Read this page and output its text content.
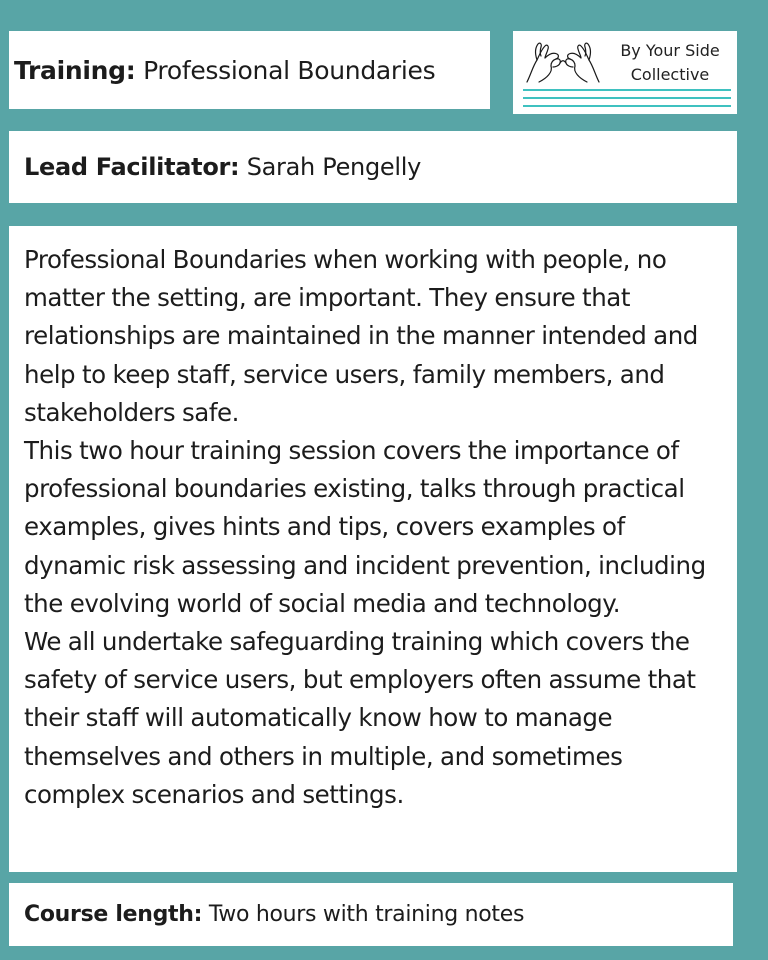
Training: Professional Boundaries
By Your Side
Collective
Lead Facilitator: Sarah Pengelly

Professional Boundaries when working with people, no matter the setting, are important. They ensure that relationships are maintained in the manner intended and help to keep staff, service users, family members, and stakeholders safe.

This two hour training session covers the importance of professional boundaries existing, talks through practical examples, gives hints and tips, covers examples of dynamic risk assessing and incident prevention, including the evolving world of social media and technology.

We all undertake safeguarding training which covers the safety of service users, but employers often assume that their staff will automatically know how to manage themselves and others in multiple, and sometimes complex scenarios and settings.

Course length: Two hours with training notes
